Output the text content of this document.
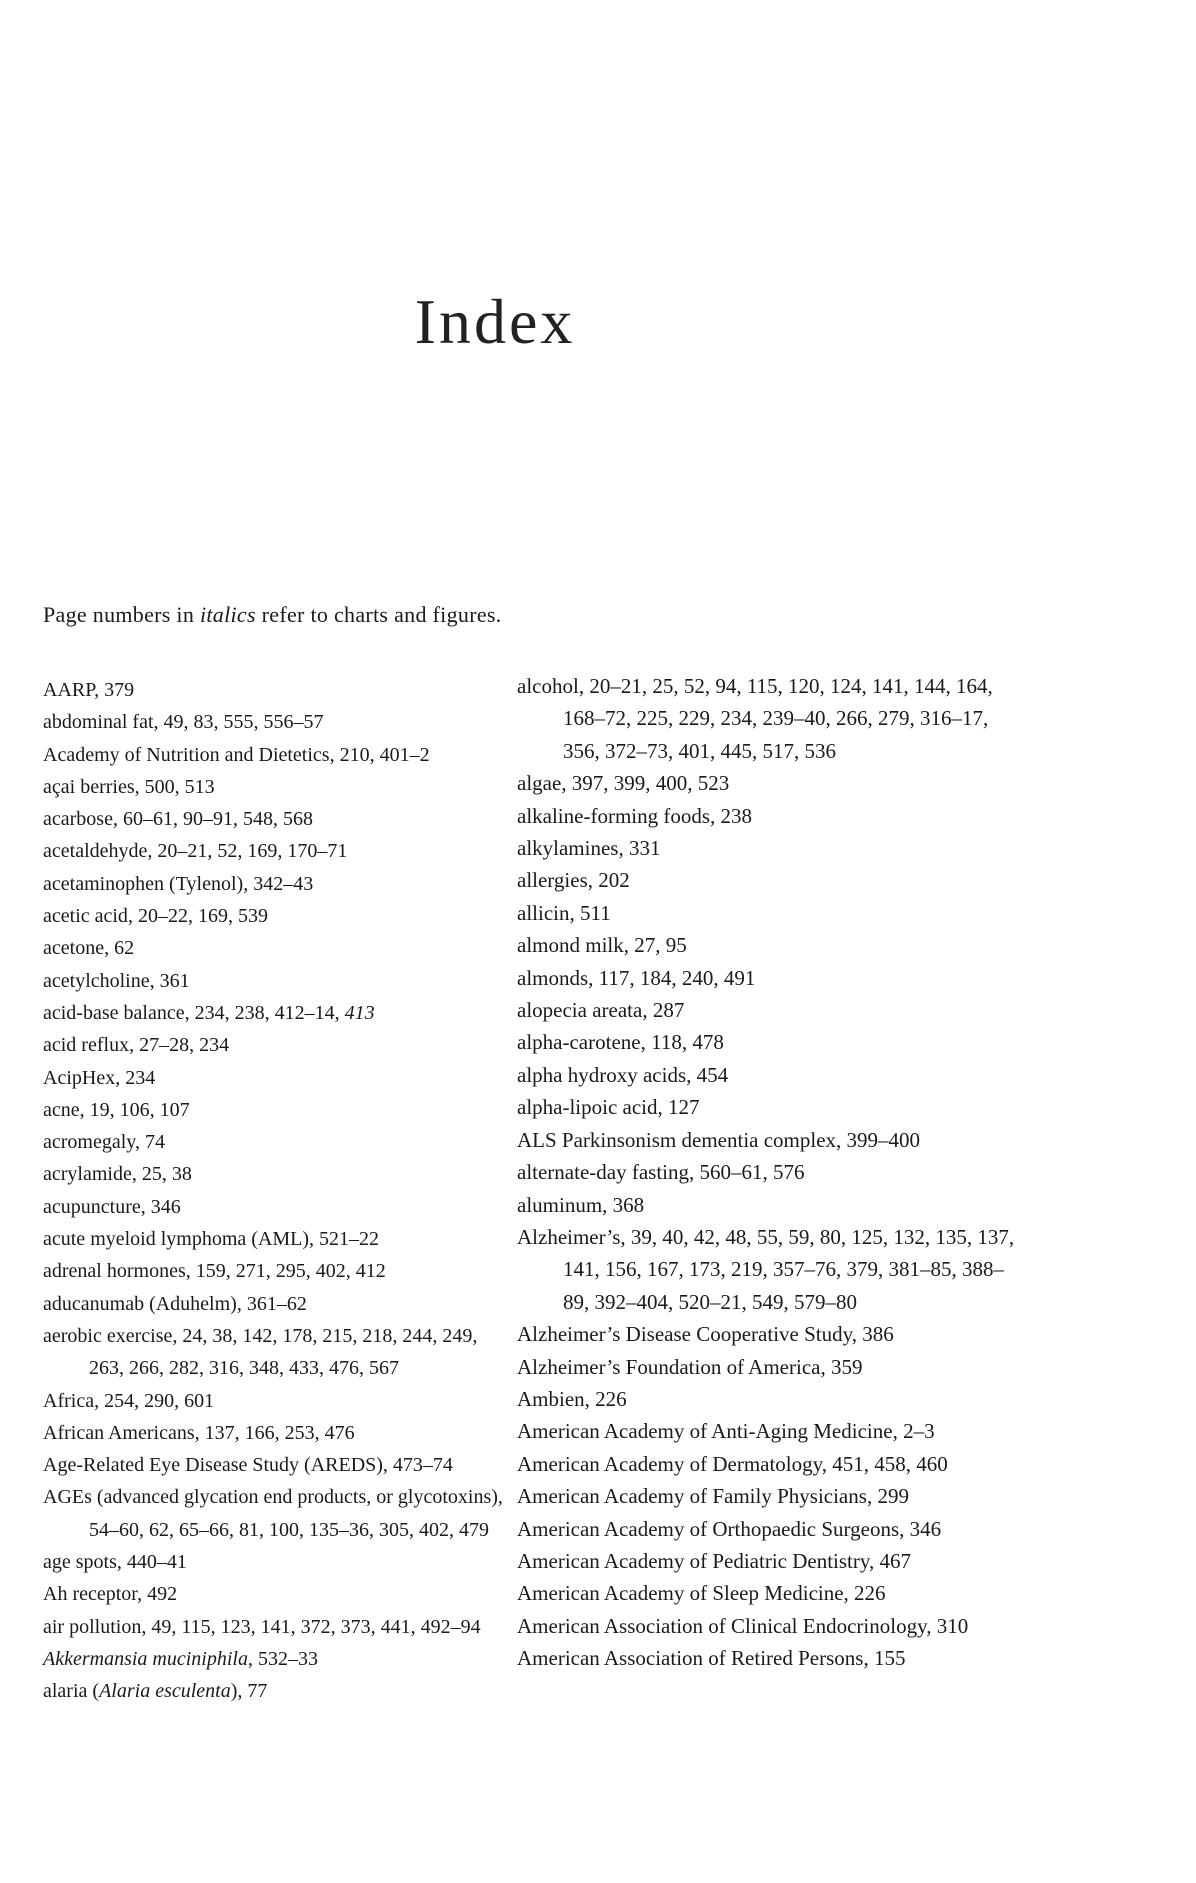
Index

Page numbers in italics refer to charts and figures.

AARP, 379

abdominal fat, 49, 83, 555, 556–57

Academy of Nutrition and Dietetics, 210, 401–2

açai berries, 500, 513

acarbose, 60–61, 90–91, 548, 568

acetaldehyde, 20–21, 52, 169, 170–71

acetaminophen (Tylenol), 342–43

acetic acid, 20–22, 169, 539

acetone, 62

acetylcholine, 361

acid-base balance, 234, 238, 412–14, 413

acid reflux, 27–28, 234

AcipHex, 234

acne, 19, 106, 107

acromegaly, 74

acrylamide, 25, 38

acupuncture, 346

acute myeloid lymphoma (AML), 521–22

adrenal hormones, 159, 271, 295, 402, 412

aducanumab (Aduhelm), 361–62

aerobic exercise, 24, 38, 142, 178, 215, 218, 244, 249, 263, 266, 282, 316, 348, 433, 476, 567

Africa, 254, 290, 601

African Americans, 137, 166, 253, 476

Age-Related Eye Disease Study (AREDS), 473–74

AGEs (advanced glycation end products, or glycotoxins), 54–60, 62, 65–66, 81, 100, 135–36, 305, 402, 479

age spots, 440–41

Ah receptor, 492

air pollution, 49, 115, 123, 141, 372, 373, 441, 492–94

Akkermansia muciniphila, 532–33

alaria (Alaria esculenta), 77

alcohol, 20–21, 25, 52, 94, 115, 120, 124, 141, 144, 164, 168–72, 225, 229, 234, 239–40, 266, 279, 316–17, 356, 372–73, 401, 445, 517, 536

algae, 397, 399, 400, 523

alkaline-forming foods, 238

alkylamines, 331

allergies, 202

allicin, 511

almond milk, 27, 95

almonds, 117, 184, 240, 491

alopecia areata, 287

alpha-carotene, 118, 478

alpha hydroxy acids, 454

alpha-lipoic acid, 127

ALS Parkinsonism dementia complex, 399–400

alternate-day fasting, 560–61, 576

aluminum, 368

Alzheimer’s, 39, 40, 42, 48, 55, 59, 80, 125, 132, 135, 137, 141, 156, 167, 173, 219, 357–76, 379, 381–85, 388–89, 392–404, 520–21, 549, 579–80

Alzheimer’s Disease Cooperative Study, 386

Alzheimer’s Foundation of America, 359

Ambien, 226

American Academy of Anti-Aging Medicine, 2–3

American Academy of Dermatology, 451, 458, 460

American Academy of Family Physicians, 299

American Academy of Orthopaedic Surgeons, 346

American Academy of Pediatric Dentistry, 467

American Academy of Sleep Medicine, 226

American Association of Clinical Endocrinology, 310

American Association of Retired Persons, 155
